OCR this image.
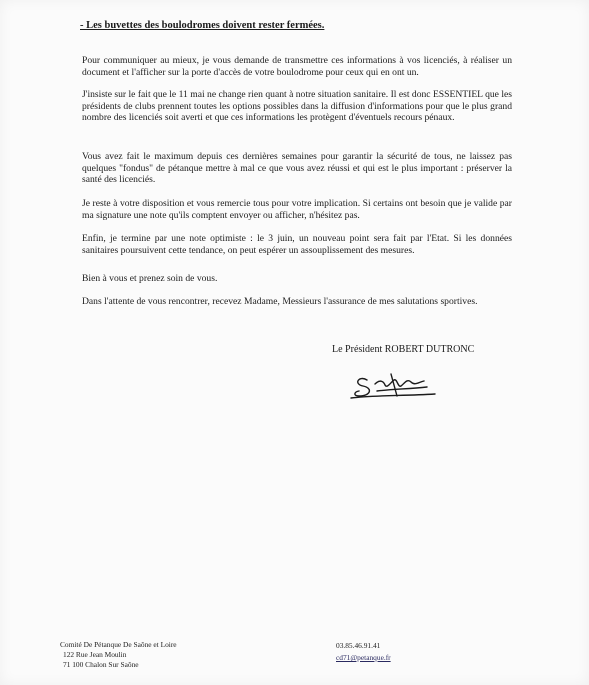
- Les buvettes des boulodromes doivent rester fermées.

Pour communiquer au mieux, je vous demande de transmettre ces informations à vos licenciés, à réaliser un document et l'afficher sur la porte d'accès de votre boulodrome pour ceux qui en ont un.

J'insiste sur le fait que le 11 mai ne change rien quant à notre situation sanitaire. Il est donc ESSENTIEL que les présidents de clubs prennent toutes les options possibles dans la diffusion d'informations pour que le plus grand nombre des licenciés soit averti et que ces informations les protègent d'éventuels recours pénaux.

Vous avez fait le maximum depuis ces dernières semaines pour garantir la sécurité de tous, ne laissez pas quelques "fondus" de pétanque mettre à mal ce que vous avez réussi et qui est le plus important : préserver la santé des licenciés.

Je reste à votre disposition et vous remercie tous pour votre implication. Si certains ont besoin que je valide par ma signature une note qu'ils comptent envoyer ou afficher, n'hésitez pas.

Enfin, je termine par une note optimiste : le 3 juin, un nouveau point sera fait par l'Etat. Si les données sanitaires poursuivent cette tendance, on peut espérer un assouplissement des mesures.

Bien à vous et prenez soin de vous.

Dans l'attente de vous rencontrer, recevez Madame, Messieurs l'assurance de mes salutations sportives.

Le Président ROBERT DUTRONC
Comité De Pétanque De Saône et Loire
122 Rue Jean Moulin
71 100 Chalon Sur Saône
03.85.46.91.41
cd71@petanque.fr
